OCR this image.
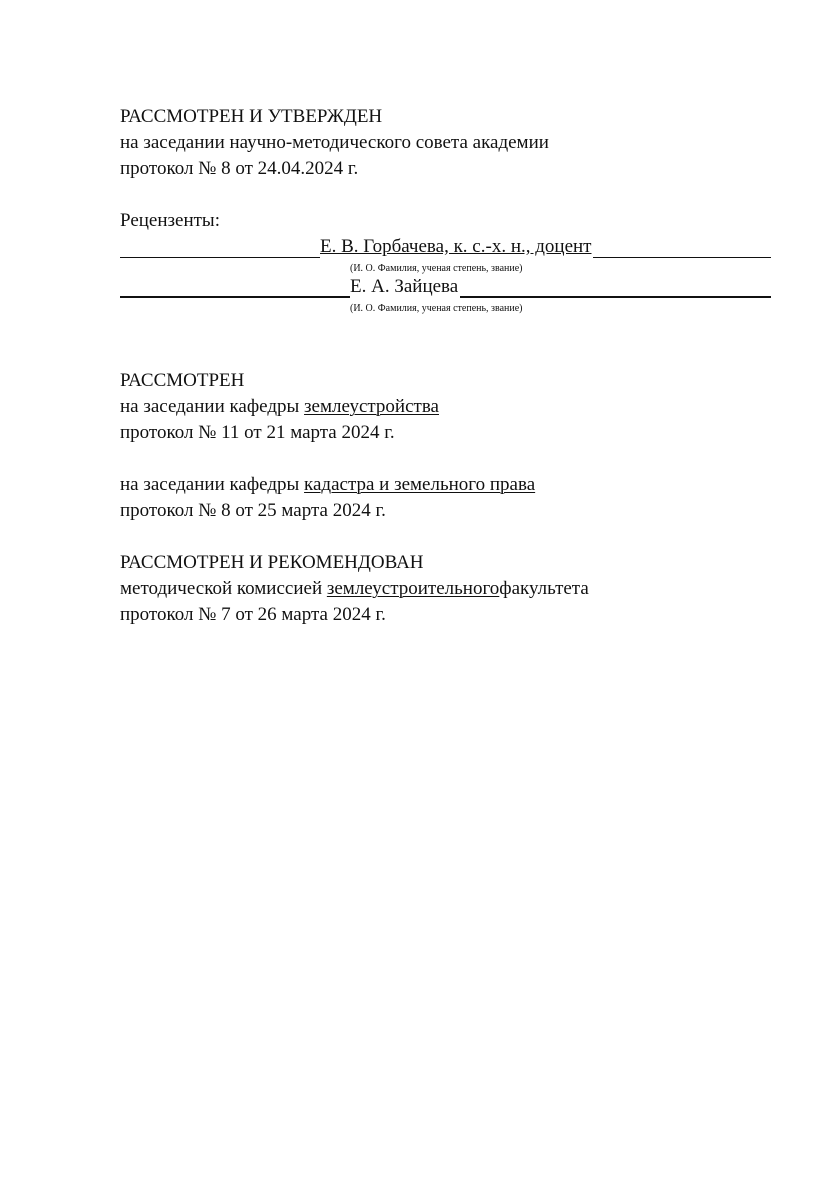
РАССМОТРЕН И УТВЕРЖДЕН
на заседании научно-методического совета академии
протокол № 8 от 24.04.2024 г.
Рецензенты:
Е. В. Горбачева, к. с.-х. н., доцент
(И. О. Фамилия, ученая степень, звание)
Е. А. Зайцева
(И. О. Фамилия, ученая степень, звание)
РАССМОТРЕН
на заседании кафедры землеустройства
протокол № 11 от 21 марта 2024 г.
на заседании кафедры кадастра и земельного права
протокол № 8 от 25 марта 2024 г.
РАССМОТРЕН И РЕКОМЕНДОВАН
методической комиссией землеустроительногофакультета
протокол № 7 от 26 марта 2024 г.
